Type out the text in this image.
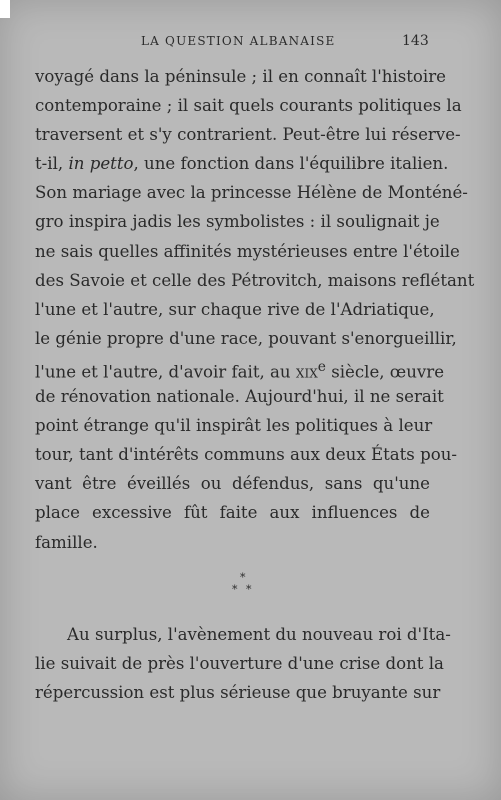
LA QUESTION ALBANAISE	143
voyagé dans la péninsule ; il en connaît l'histoire
contemporaine ; il sait quels courants politiques la
traversent et s'y contrarient. Peut-être lui réserve-
t-il, in petto, une fonction dans l'équilibre italien.
Son mariage avec la princesse Hélène de Monténé-
gro inspira jadis les symbolistes : il soulignait je
ne sais quelles affinités mystérieuses entre l'étoile
des Savoie et celle des Pétrovitch, maisons reflétant
l'une et l'autre, sur chaque rive de l'Adriatique,
le génie propre d'une race, pouvant s'enorgueillir,
l'une et l'autre, d'avoir fait, au xix$^e$ siècle, œuvre
de rénovation nationale. Aujourd'hui, il ne serait
point étrange qu'il inspirât les politiques à leur
tour, tant d'intérêts communs aux deux États pou-
vant être éveillés ou défendus, sans qu'une
place excessive fût faite aux influences de
famille.
*
* *
Au surplus, l'avènement du nouveau roi d'Ita-
lie suivait de près l'ouverture d'une crise dont la
répercussion est plus sérieuse que bruyante sur
